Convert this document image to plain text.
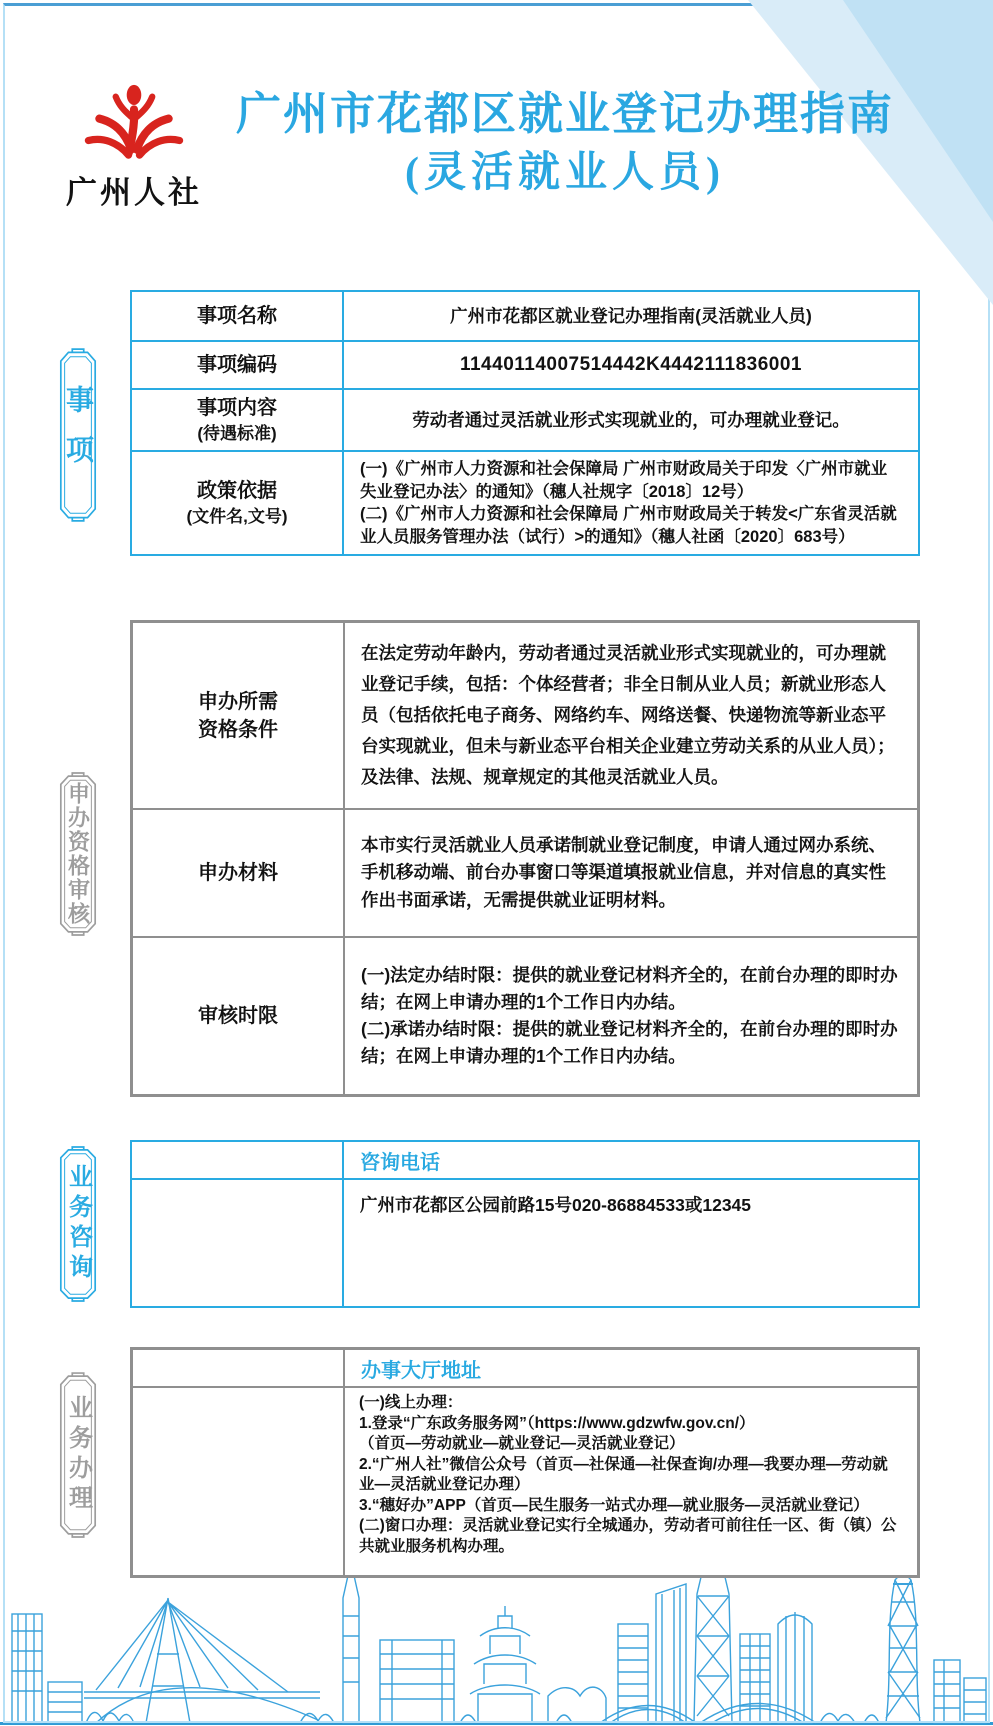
广州人社
广州市花都区就业登记办理指南
(灵活就业人员)
事项
事项名称	广州市花都区就业登记办理指南(灵活就业人员)
事项编码	11440114007514442K4442111836001
事项内容
(待遇标准)
劳动者通过灵活就业形式实现就业的，可办理就业登记。
政策依据
(文件名,文号)
(一)《广州市人力资源和社会保障局 广州市财政局关于印发〈广州市就业失业登记办法〉的通知》（穗人社规字〔2018〕12号）
(二)《广州市人力资源和社会保障局 广州市财政局关于转发<广东省灵活就业人员服务管理办法（试行）>的通知》（穗人社函〔2020〕683号）
申办资格审核
申办所需
资格条件
在法定劳动年龄内，劳动者通过灵活就业形式实现就业的，可办理就业登记手续，包括：个体经营者；非全日制从业人员；新就业形态人员（包括依托电子商务、网络约车、网络送餐、快递物流等新业态平台实现就业，但未与新业态平台相关企业建立劳动关系的从业人员）；及法律、法规、规章规定的其他灵活就业人员。
申办材料
本市实行灵活就业人员承诺制就业登记制度，申请人通过网办系统、手机移动端、前台办事窗口等渠道填报就业信息，并对信息的真实性作出书面承诺，无需提供就业证明材料。
审核时限
(一)法定办结时限：提供的就业登记材料齐全的，在前台办理的即时办结；在网上申请办理的1个工作日内办结。
(二)承诺办结时限：提供的就业登记材料齐全的，在前台办理的即时办结；在网上申请办理的1个工作日内办结。
业务咨询
咨询电话
广州市花都区公园前路15号020-86884533或12345
业务办理
办事大厅地址
(一)线上办理：
1.登录“广东政务服务网”（https://www.gdzwfw.gov.cn/）
（首页—劳动就业—就业登记—灵活就业登记）
2.“广州人社”微信公众号（首页—社保通—社保查询/办理—我要办理—劳动就业—灵活就业登记办理）
3.“穗好办”APP（首页—民生服务一站式办理—就业服务—灵活就业登记）
(二)窗口办理：灵活就业登记实行全城通办，劳动者可前往任一区、街（镇）公共就业服务机构办理。
